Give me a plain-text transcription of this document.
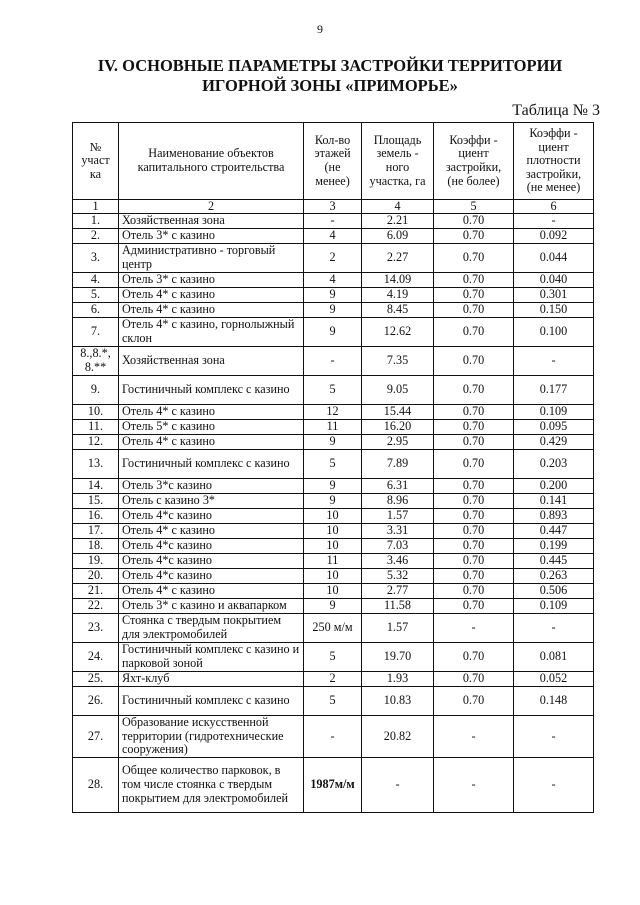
9
IV. ОСНОВНЫЕ ПАРАМЕТРЫ ЗАСТРОЙКИ ТЕРРИТОРИИ
ИГОРНОЙ ЗОНЫ «ПРИМОРЬЕ»
Таблица № 3
№ участ ка	Наименование объектов капитального строительства	Кол-во этажей (не менее)	Площадь земель - ного участка, га	Коэффи - циент застройки, (не более)	Коэффи - циент плотности застройки, (не менее)
1	2	3	4	5	6
1.	Хозяйственная зона	-	2.21	0.70	-
2.	Отель 3* с казино	4	6.09	0.70	0.092
3.	Административно - торговый центр	2	2.27	0.70	0.044
4.	Отель 3* с казино	4	14.09	0.70	0.040
5.	Отель 4* с казино	9	4.19	0.70	0.301
6.	Отель 4* с казино	9	8.45	0.70	0.150
7.	Отель 4* с казино, горнолыжный склон	9	12.62	0.70	0.100
8.,8.*, 8.**	Хозяйственная зона	-	7.35	0.70	-
9.	Гостиничный комплекс с казино	5	9.05	0.70	0.177
10.	Отель 4* с казино	12	15.44	0.70	0.109
11.	Отель 5* с казино	11	16.20	0.70	0.095
12.	Отель 4* с казино	9	2.95	0.70	0.429
13.	Гостиничный комплекс с казино	5	7.89	0.70	0.203
14.	Отель 3*с казино	9	6.31	0.70	0.200
15.	Отель с казино 3*	9	8.96	0.70	0.141
16.	Отель 4*с казино	10	1.57	0.70	0.893
17.	Отель 4* с казино	10	3.31	0.70	0.447
18.	Отель 4*с казино	10	7.03	0.70	0.199
19.	Отель 4*с казино	11	3.46	0.70	0.445
20.	Отель 4*с казино	10	5.32	0.70	0.263
21.	Отель 4* с казино	10	2.77	0.70	0.506
22.	Отель 3* с казино и аквапарком	9	11.58	0.70	0.109
23.	Стоянка с твердым покрытием для электромобилей	250 м/м	1.57	-	-
24.	Гостиничный комплекс с казино и парковой зоной	5	19.70	0.70	0.081
25.	Яхт-клуб	2	1.93	0.70	0.052
26.	Гостиничный комплекс с казино	5	10.83	0.70	0.148
27.	Образование искусственной территории (гидротехнические сооружения)	-	20.82	-	-
28.	Общее количество парковок, в том числе стоянка с твердым покрытием для электромобилей	1987м/м	-	-	-
